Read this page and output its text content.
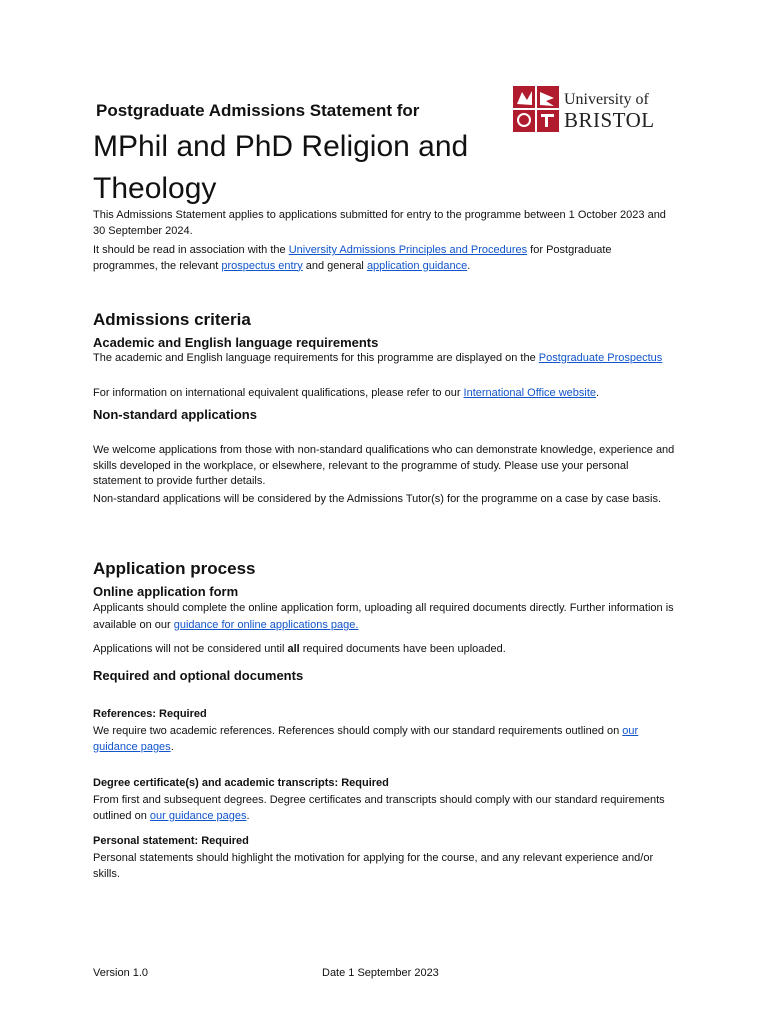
Postgraduate Admissions Statement for

MPhil and PhD Religion and Theology
University of
BRISTOL

This Admissions Statement applies to applications submitted for entry to the programme between 1 October 2023 and 30 September 2024.

It should be read in association with the University Admissions Principles and Procedures for Postgraduate programmes, the relevant prospectus entry and general application guidance.

Admissions criteria
Academic and English language requirements

The academic and English language requirements for this programme are displayed on the Postgraduate Prospectus

For information on international equivalent qualifications, please refer to our International Office website.

Non-standard applications

We welcome applications from those with non-standard qualifications who can demonstrate knowledge, experience and skills developed in the workplace, or elsewhere, relevant to the programme of study. Please use your personal statement to provide further details.

Non-standard applications will be considered by the Admissions Tutor(s) for the programme on a case by case basis.

Application process
Online application form

Applicants should complete the online application form, uploading all required documents directly. Further information is available on our guidance for online applications page.

Applications will not be considered until all required documents have been uploaded.

Required and optional documents
References: Required

We require two academic references. References should comply with our standard requirements outlined on our guidance pages.

Degree certificate(s) and academic transcripts: Required

From first and subsequent degrees. Degree certificates and transcripts should comply with our standard requirements outlined on our guidance pages.

Personal statement: Required

Personal statements should highlight the motivation for applying for the course, and any relevant experience and/or skills.

Version 1.0	Date 1 September 2023
